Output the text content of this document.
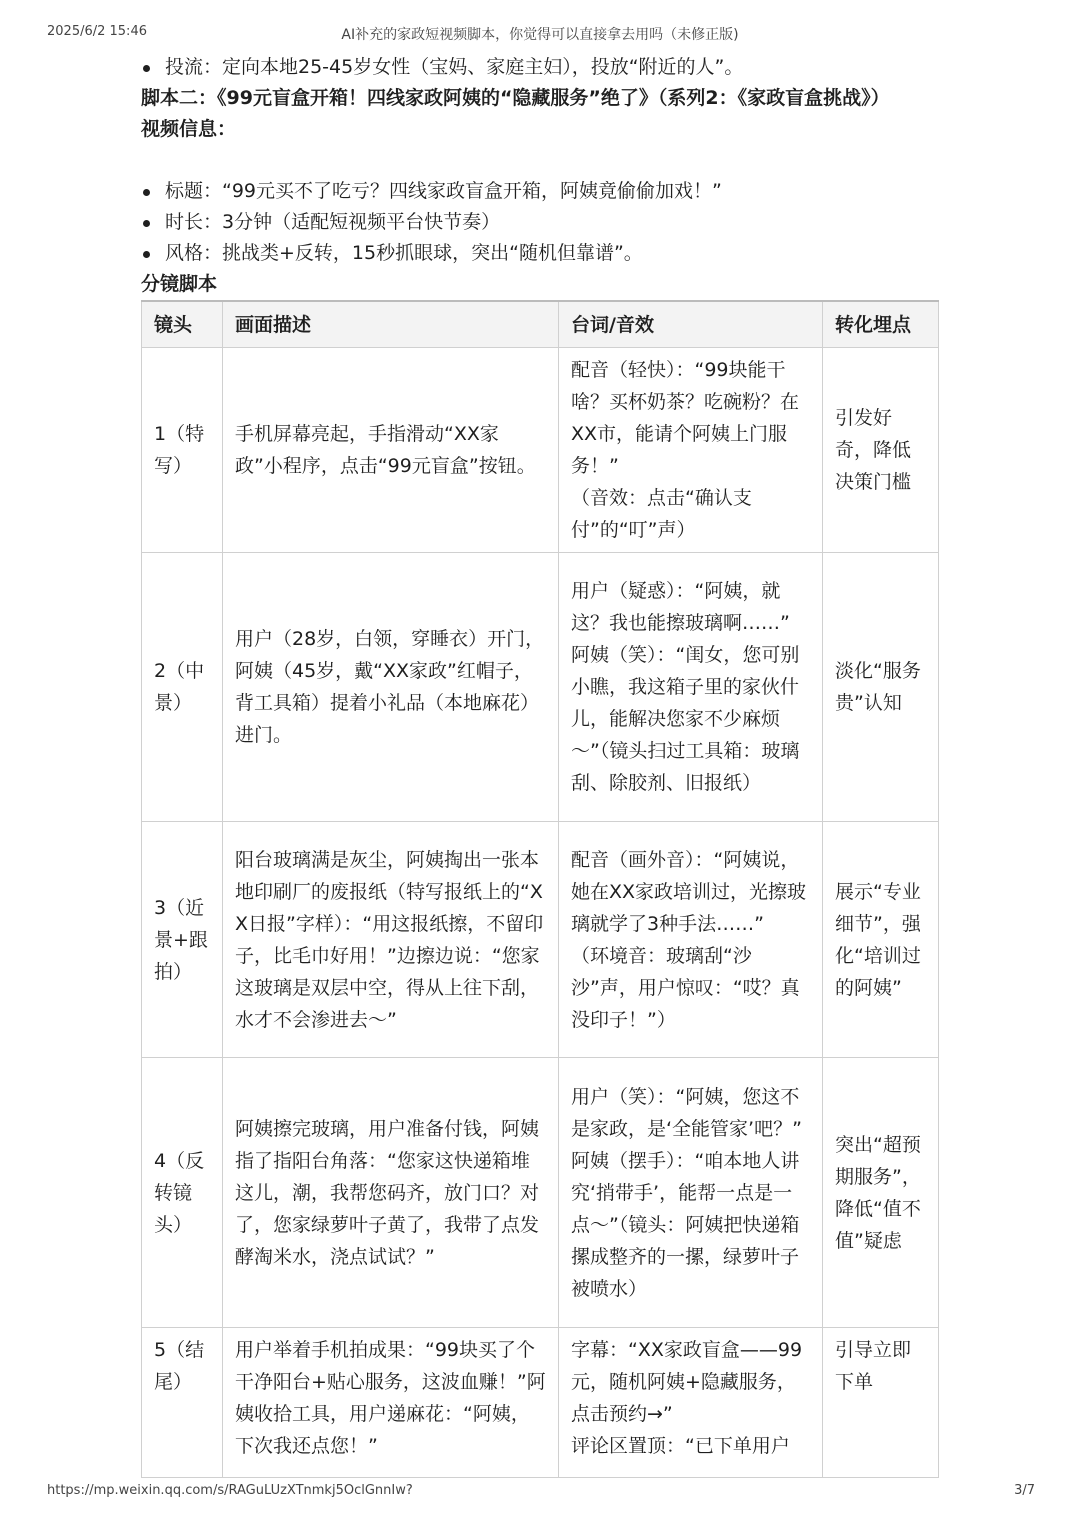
2025/6/2 15:46	AI补充的家政短视频脚本，你觉得可以直接拿去用吗（未修正版)
投流：定向本地25-45岁女性（宝妈、家庭主妇），投放“附近的人”。
脚本二：《99元盲盒开箱！四线家政阿姨的“隐藏服务”绝了》（系列2：《家政盲盒挑战》）
视频信息：
标题：“99元买不了吃亏？四线家政盲盒开箱，阿姨竟偷偷加戏！”
时长：3分钟（适配短视频平台快节奏）
风格：挑战类+反转，15秒抓眼球，突出“随机但靠谱”。
分镜脚本
镜头	画面描述	台词/音效	转化埋点
1（特写）	手机屏幕亮起，手指滑动“XX家政”小程序，点击“99元盲盒”按钮。	配音（轻快）：“99块能干啥？买杯奶茶？吃碗粉？在XX市，能请个阿姨上门服务！”
（音效：点击“确认支付”的“叮”声）	引发好奇，降低决策门槛
2（中景）	用户（28岁，白领，穿睡衣）开门，阿姨（45岁，戴“XX家政”红帽子，背工具箱）提着小礼品（本地麻花）进门。	用户（疑惑）：“阿姨，就这？我也能擦玻璃啊……”
阿姨（笑）：“闺女，您可别小瞧，我这箱子里的家伙什儿，能解决您家不少麻烦～”（镜头扫过工具箱：玻璃刮、除胶剂、旧报纸）	淡化“服务贵”认知
3（近景+跟拍）	阳台玻璃满是灰尘，阿姨掏出一张本地印刷厂的废报纸（特写报纸上的“XX日报”字样）：“用这报纸擦，不留印子，比毛巾好用！”边擦边说：“您家这玻璃是双层中空，得从上往下刮，水才不会渗进去～”	配音（画外音）：“阿姨说，她在XX家政培训过，光擦玻璃就学了3种手法……”
（环境音：玻璃刮“沙沙”声，用户惊叹：“哎？真没印子！”）	展示“专业细节”，强化“培训过的阿姨”
4（反转镜头）	阿姨擦完玻璃，用户准备付钱，阿姨指了指阳台角落：“您家这快递箱堆这儿，潮，我帮您码齐，放门口？对了，您家绿萝叶子黄了，我带了点发酵淘米水，浇点试试？”	用户（笑）：“阿姨，您这不是家政，是‘全能管家’吧？”
阿姨（摆手）：“咱本地人讲究‘捎带手’，能帮一点是一点～”（镜头：阿姨把快递箱摞成整齐的一摞，绿萝叶子被喷水）	突出“超预期服务”，降低“值不值”疑虑
5（结尾）	用户举着手机拍成果：“99块买了个干净阳台+贴心服务，这波血赚！”阿姨收拾工具，用户递麻花：“阿姨，下次我还点您！”	字幕：“XX家政盲盒——99元，随机阿姨+隐藏服务，点击预约→”
评论区置顶：“已下单用户	引导立即下单
https://mp.weixin.qq.com/s/RAGuLUzXTnmkj5OclGnnIw?	3/7
